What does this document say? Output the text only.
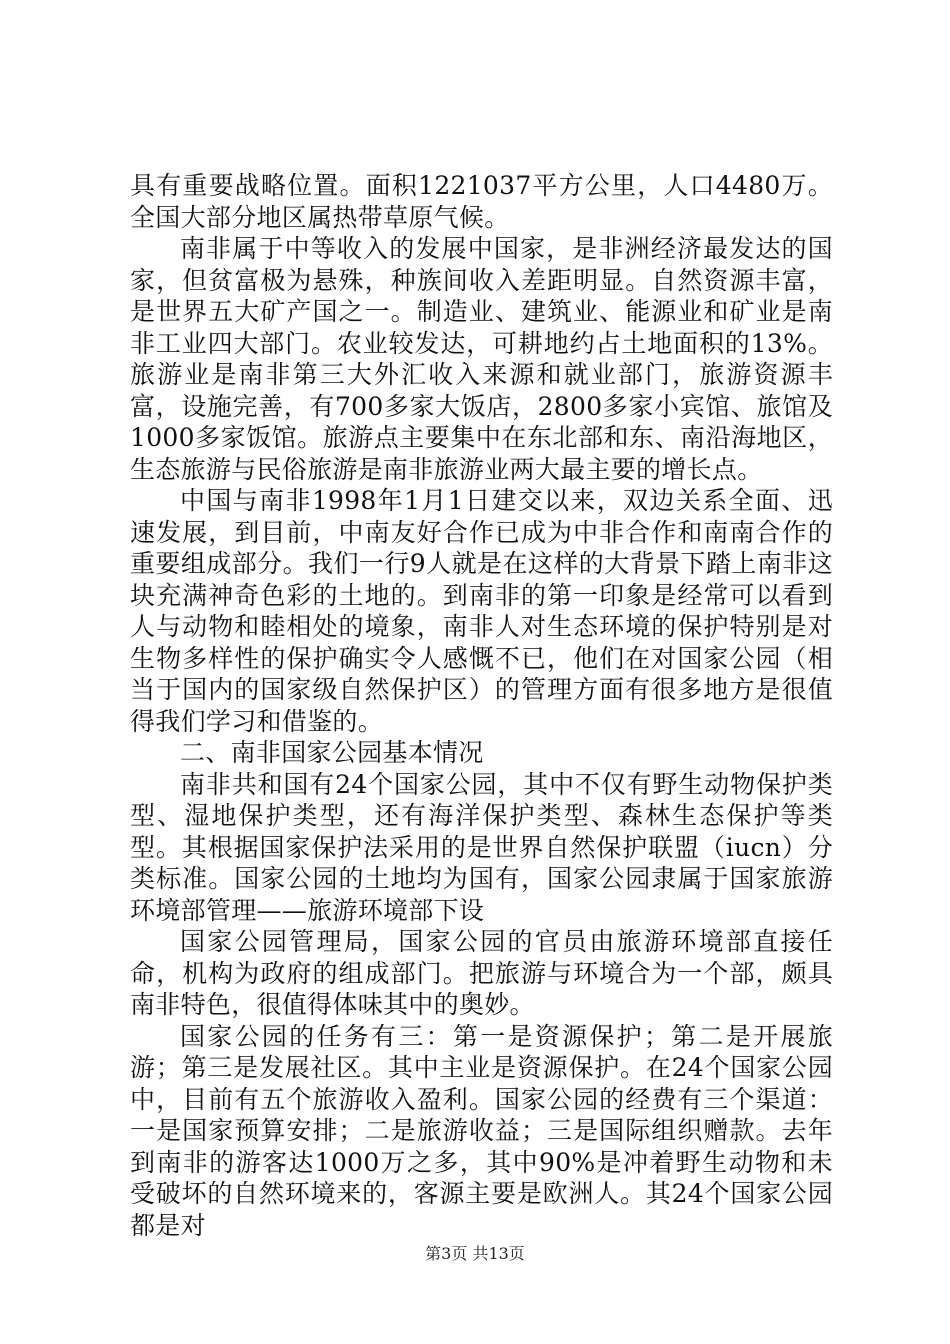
具有重要战略位置。面积1221037平方公里，人口4480万。全国大部分地区属热带草原气候。

南非属于中等收入的发展中国家，是非洲经济最发达的国家，但贫富极为悬殊，种族间收入差距明显。自然资源丰富，是世界五大矿产国之一。制造业、建筑业、能源业和矿业是南非工业四大部门。农业较发达，可耕地约占土地面积的13%。旅游业是南非第三大外汇收入来源和就业部门，旅游资源丰富，设施完善，有700多家大饭店，2800多家小宾馆、旅馆及1000多家饭馆。旅游点主要集中在东北部和东、南沿海地区，生态旅游与民俗旅游是南非旅游业两大最主要的增长点。

中国与南非1998年1月1日建交以来，双边关系全面、迅速发展，到目前，中南友好合作已成为中非合作和南南合作的重要组成部分。我们一行9人就是在这样的大背景下踏上南非这块充满神奇色彩的土地的。到南非的第一印象是经常可以看到人与动物和睦相处的境象，南非人对生态环境的保护特别是对生物多样性的保护确实令人感慨不已，他们在对国家公园（相当于国内的国家级自然保护区）的管理方面有很多地方是很值得我们学习和借鉴的。

二、南非国家公园基本情况

南非共和国有24个国家公园，其中不仅有野生动物保护类型、湿地保护类型，还有海洋保护类型、森林生态保护等类型。其根据国家保护法采用的是世界自然保护联盟（iucn）分类标准。国家公园的土地均为国有，国家公园隶属于国家旅游环境部管理——旅游环境部下设

国家公园管理局，国家公园的官员由旅游环境部直接任命，机构为政府的组成部门。把旅游与环境合为一个部，颇具南非特色，很值得体味其中的奥妙。

国家公园的任务有三：第一是资源保护；第二是开展旅游；第三是发展社区。其中主业是资源保护。在24个国家公园中，目前有五个旅游收入盈利。国家公园的经费有三个渠道：一是国家预算安排；二是旅游收益；三是国际组织赠款。去年到南非的游客达1000万之多，其中90%是冲着野生动物和未受破坏的自然环境来的，客源主要是欧洲人。其24个国家公园都是对

第3页 共13页
